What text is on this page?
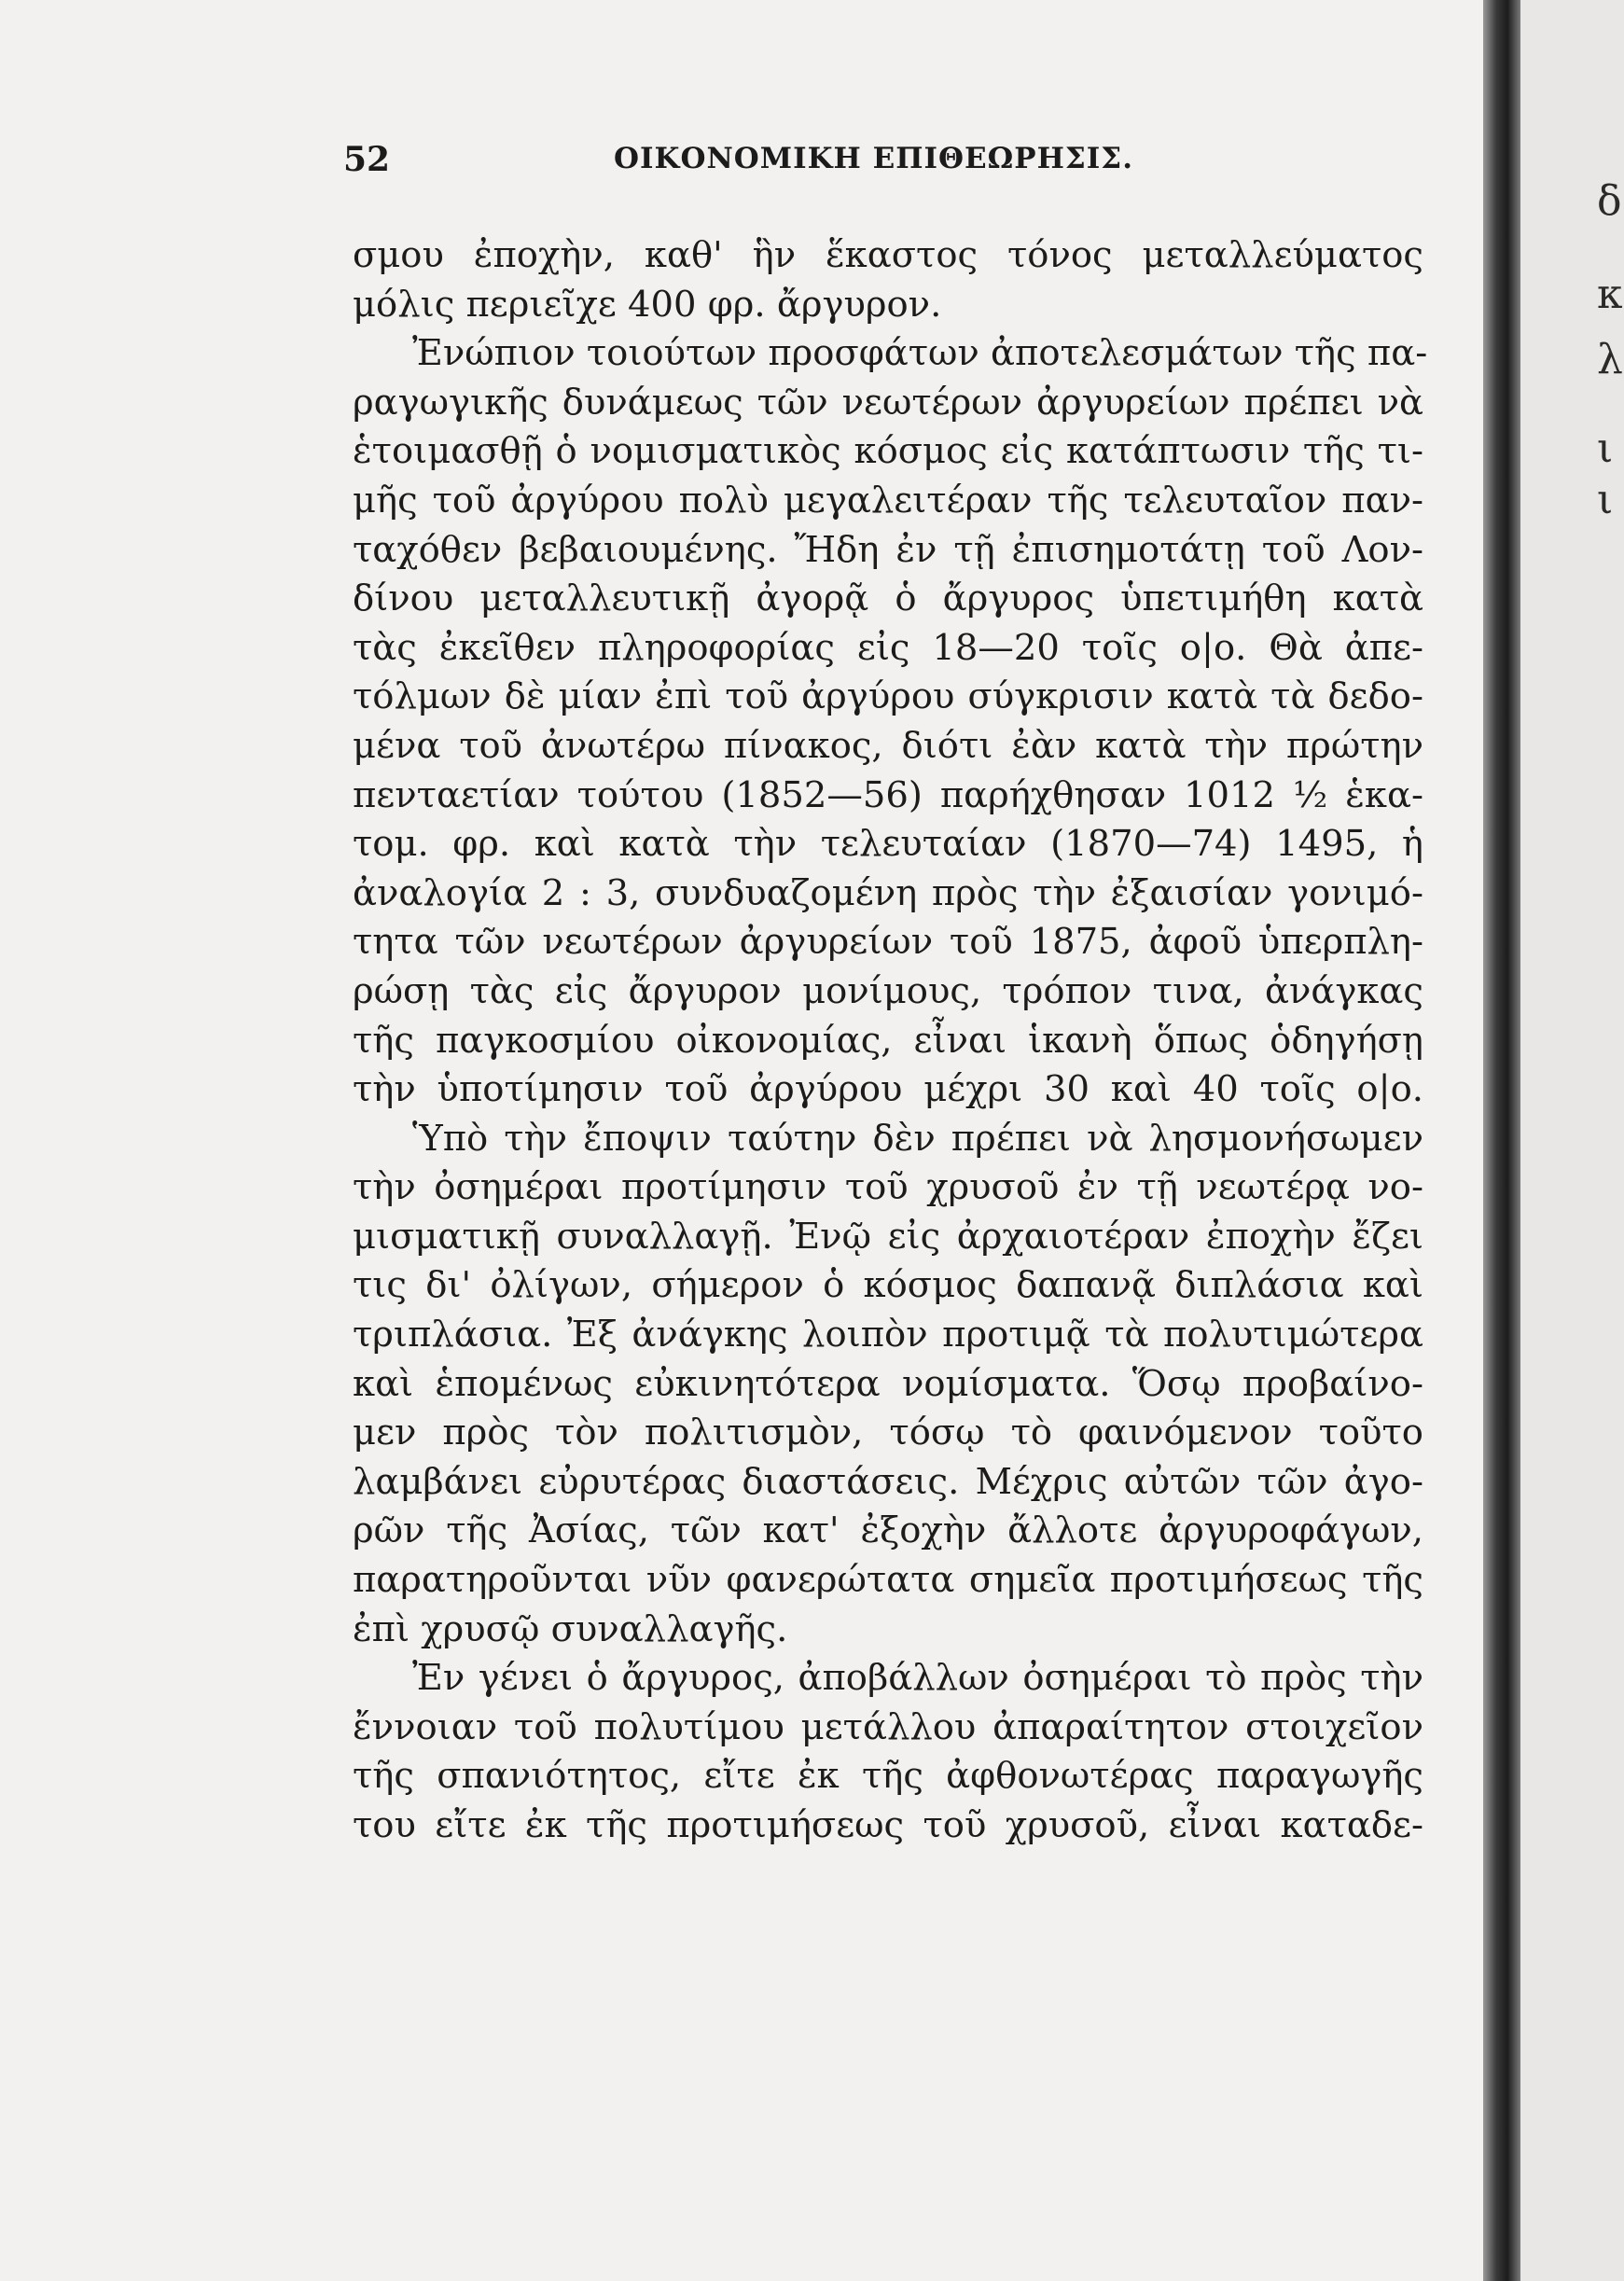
52	ΟΙΚΟΝΟΜΙΚΗ ΕΠΙΘΕΩΡΗΣΙΣ.
σμου ἐποχὴν, καθ' ἣν ἕκαστος τόνος μεταλλεύματος
μόλις περιεῖχε 400 φρ. ἄργυρον.
Ἐνώπιον τοιούτων προσφάτων ἀποτελεσμάτων τῆς πα-
ραγωγικῆς δυνάμεως τῶν νεωτέρων ἀργυρείων πρέπει νὰ
ἑτοιμασθῇ ὁ νομισματικὸς κόσμος εἰς κατάπτωσιν τῆς τι-
μῆς τοῦ ἀργύρου πολὺ μεγαλειτέραν τῆς τελευταῖον παν-
ταχόθεν βεβαιουμένης. Ἤδη ἐν τῇ ἐπισημοτάτῃ τοῦ Λον-
δίνου μεταλλευτικῇ ἀγορᾷ ὁ ἄργυρος ὑπετιμήθη κατὰ
τὰς ἐκεῖθεν πληροφορίας εἰς 18—20 τοῖς ο|ο. Θὰ ἀπε-
τόλμων δὲ μίαν ἐπὶ τοῦ ἀργύρου σύγκρισιν κατὰ τὰ δεδο-
μένα τοῦ ἀνωτέρω πίνακος, διότι ἐὰν κατὰ τὴν πρώτην
πενταετίαν τούτου (1852—56) παρήχθησαν 1012 ½ ἑκα-
τομ. φρ. καὶ κατὰ τὴν τελευταίαν (1870—74) 1495, ἡ
ἀναλογία 2 : 3, συνδυαζομένη πρὸς τὴν ἐξαισίαν γονιμό-
τητα τῶν νεωτέρων ἀργυρείων τοῦ 1875, ἀφοῦ ὑπερπλη-
ρώσῃ τὰς εἰς ἄργυρον μονίμους, τρόπον τινα, ἀνάγκας
τῆς παγκοσμίου οἰκονομίας, εἶναι ἱκανὴ ὅπως ὁδηγήσῃ
τὴν ὑποτίμησιν τοῦ ἀργύρου μέχρι 30 καὶ 40 τοῖς ο|ο.
Ὑπὸ τὴν ἔποψιν ταύτην δὲν πρέπει νὰ λησμονήσωμεν
τὴν ὀσημέραι προτίμησιν τοῦ χρυσοῦ ἐν τῇ νεωτέρᾳ νο-
μισματικῇ συναλλαγῇ. Ἐνῷ εἰς ἀρχαιοτέραν ἐποχὴν ἔζει
τις δι' ὀλίγων, σήμερον ὁ κόσμος δαπανᾷ διπλάσια καὶ
τριπλάσια. Ἐξ ἀνάγκης λοιπὸν προτιμᾷ τὰ πολυτιμώτερα
καὶ ἑπομένως εὐκινητότερα νομίσματα. Ὅσῳ προβαίνο-
μεν πρὸς τὸν πολιτισμὸν, τόσῳ τὸ φαινόμενον τοῦτο
λαμβάνει εὐρυτέρας διαστάσεις. Μέχρις αὐτῶν τῶν ἀγο-
ρῶν τῆς Ἀσίας, τῶν κατ' ἐξοχὴν ἄλλοτε ἀργυροφάγων,
παρατηροῦνται νῦν φανερώτατα σημεῖα προτιμήσεως τῆς
ἐπὶ χρυσῷ συναλλαγῆς.
Ἐν γένει ὁ ἄργυρος, ἀποβάλλων ὀσημέραι τὸ πρὸς τὴν
ἔννοιαν τοῦ πολυτίμου μετάλλου ἀπαραίτητον στοιχεῖον
τῆς σπανιότητος, εἴτε ἐκ τῆς ἀφθονωτέρας παραγωγῆς
του εἴτε ἐκ τῆς προτιμήσεως τοῦ χρυσοῦ, εἶναι καταδε-
δ
κ
λ
ι
ι
